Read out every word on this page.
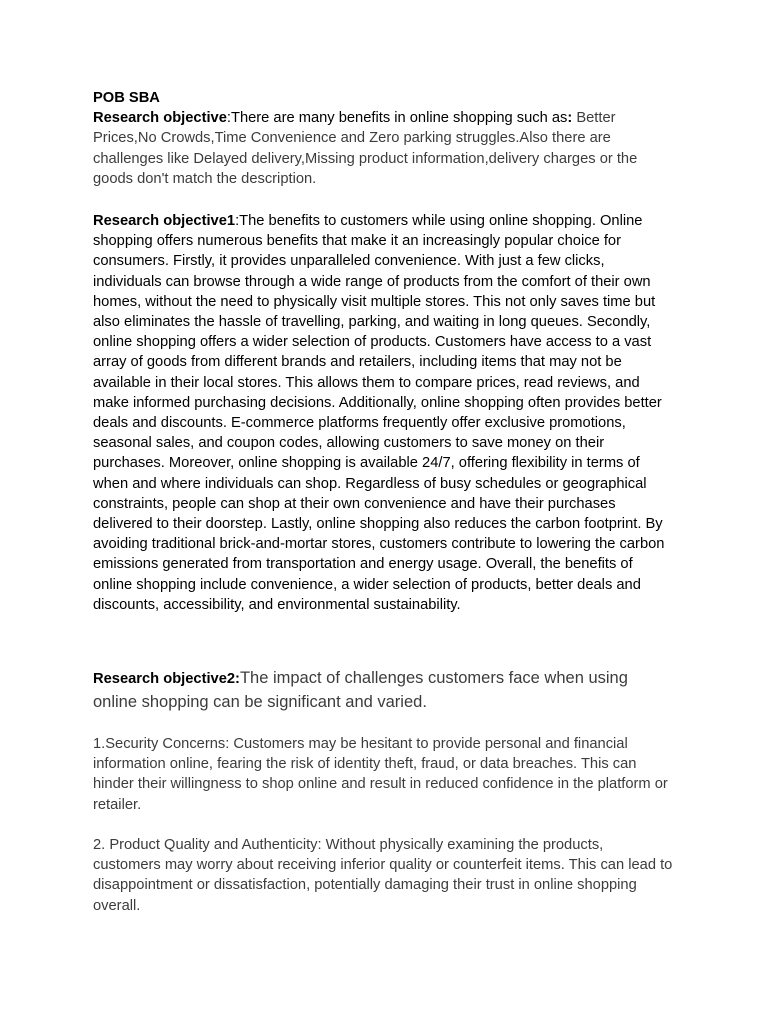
POB SBA

Research objective:There are many benefits in online shopping such as: Better Prices,No Crowds,Time Convenience and Zero parking struggles.Also there are challenges like Delayed delivery,Missing product information,delivery charges or the goods don't match the description.

Research objective1:The benefits to customers while using online shopping. Online shopping offers numerous benefits that make it an increasingly popular choice for consumers. Firstly, it provides unparalleled convenience. With just a few clicks, individuals can browse through a wide range of products from the comfort of their own homes, without the need to physically visit multiple stores. This not only saves time but also eliminates the hassle of travelling, parking, and waiting in long queues. Secondly, online shopping offers a wider selection of products. Customers have access to a vast array of goods from different brands and retailers, including items that may not be available in their local stores. This allows them to compare prices, read reviews, and make informed purchasing decisions. Additionally, online shopping often provides better deals and discounts. E-commerce platforms frequently offer exclusive promotions, seasonal sales, and coupon codes, allowing customers to save money on their purchases. Moreover, online shopping is available 24/7, offering flexibility in terms of when and where individuals can shop. Regardless of busy schedules or geographical constraints, people can shop at their own convenience and have their purchases delivered to their doorstep. Lastly, online shopping also reduces the carbon footprint. By avoiding traditional brick-and-mortar stores, customers contribute to lowering the carbon emissions generated from transportation and energy usage. Overall, the benefits of online shopping include convenience, a wider selection of products, better deals and discounts, accessibility, and environmental sustainability.

Research objective2:The impact of challenges customers face when using online shopping can be significant and varied.

1.Security Concerns: Customers may be hesitant to provide personal and financial information online, fearing the risk of identity theft, fraud, or data breaches. This can hinder their willingness to shop online and result in reduced confidence in the platform or retailer.

2. Product Quality and Authenticity: Without physically examining the products, customers may worry about receiving inferior quality or counterfeit items. This can lead to disappointment or dissatisfaction, potentially damaging their trust in online shopping overall.
